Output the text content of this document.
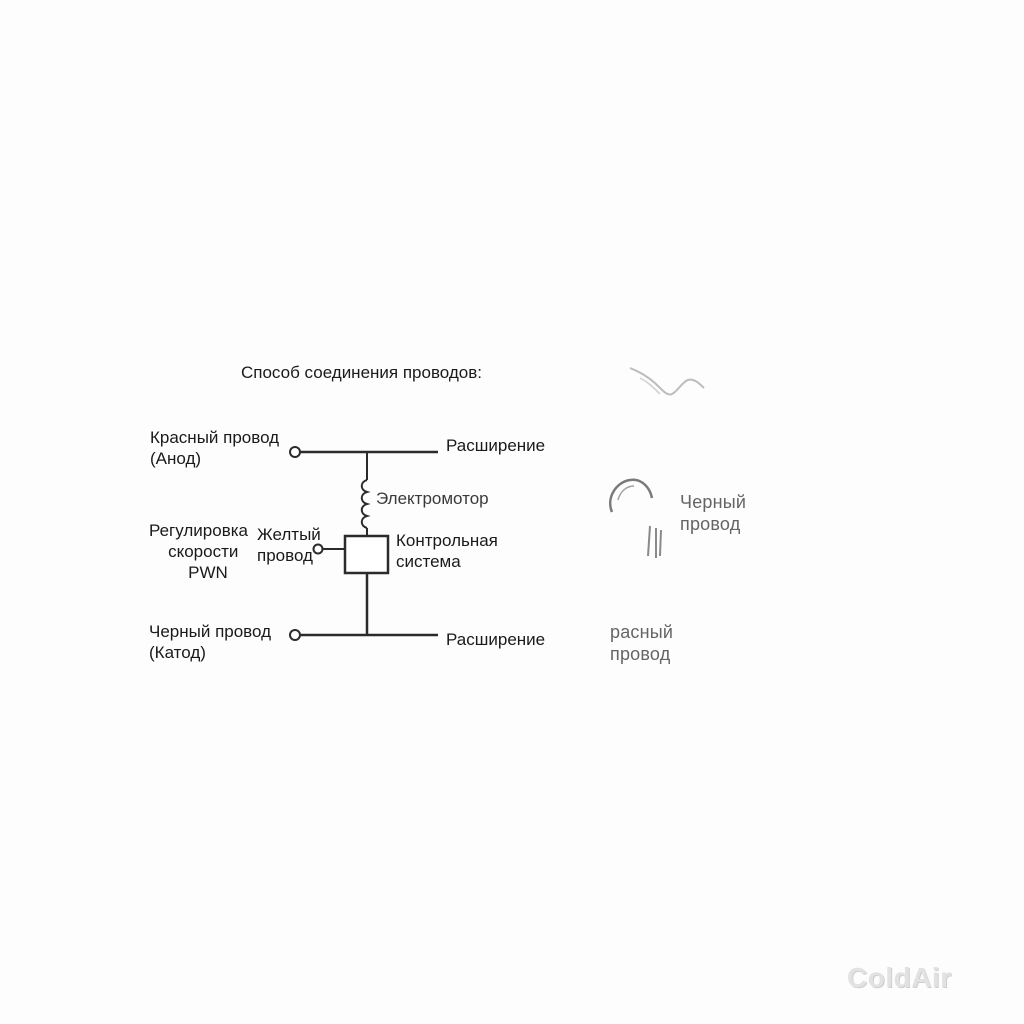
Способ соединения проводов:

Красный провод
(Анод)

Регулировка
скорости
PWN

Желтый
провод

Электромотор

Контрольная
система

Черный провод
(Катод)

Расширение

Расширение

Черный
провод

расный
провод

ColdAir
